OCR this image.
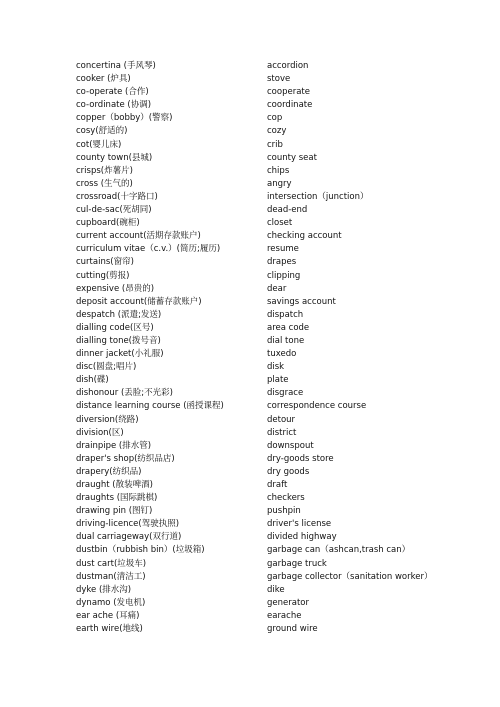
concertina (手风琴)	accordion
cooker (炉具)	stove
co-operate (合作)	cooperate
co-ordinate (协调)	coordinate
copper（bobby）(警察)	cop
cosy(舒适的)	cozy
cot(婴儿床)	crib
county town(县城)	county seat
crisps(炸薯片)	chips
cross (生气的)	angry
crossroad(十字路口)	intersection（junction）
cul-de-sac(死胡同)	dead-end
cupboard(碗柜)	closet
current account(活期存款账户)	checking account
curriculum vitae（c.v.）(简历;履历)	resume
curtains(窗帘)	drapes
cutting(剪报)	clipping
expensive (昂贵的)	dear
deposit account(储蓄存款账户)	savings account
despatch (派遣;发送)	dispatch
dialling code(区号)	area code
dialling tone(拨号音)	dial tone
dinner jacket(小礼服)	tuxedo
disc(圆盘;唱片)	disk
dish(碟)	plate
dishonour (丢脸;不光彩)	disgrace
distance learning course (函授课程)	correspondence course
diversion(绕路)	detour
division(区)	district
drainpipe (排水管)	downspout
draper's shop(纺织品店)	dry-goods store
drapery(纺织品)	dry goods
draught (散装啤酒)	draft
draughts (国际跳棋)	checkers
drawing pin (图钉)	pushpin
driving-licence(驾驶执照)	driver's license
dual carriageway(双行道)	divided highway
dustbin（rubbish bin）(垃圾箱)	garbage can（ashcan,trash can）
dust cart(垃圾车)	garbage truck
dustman(清洁工)	garbage collector（sanitation worker）
dyke (排水沟)	dike
dynamo (发电机)	generator
ear ache (耳痛)	earache
earth wire(地线)	ground wire
